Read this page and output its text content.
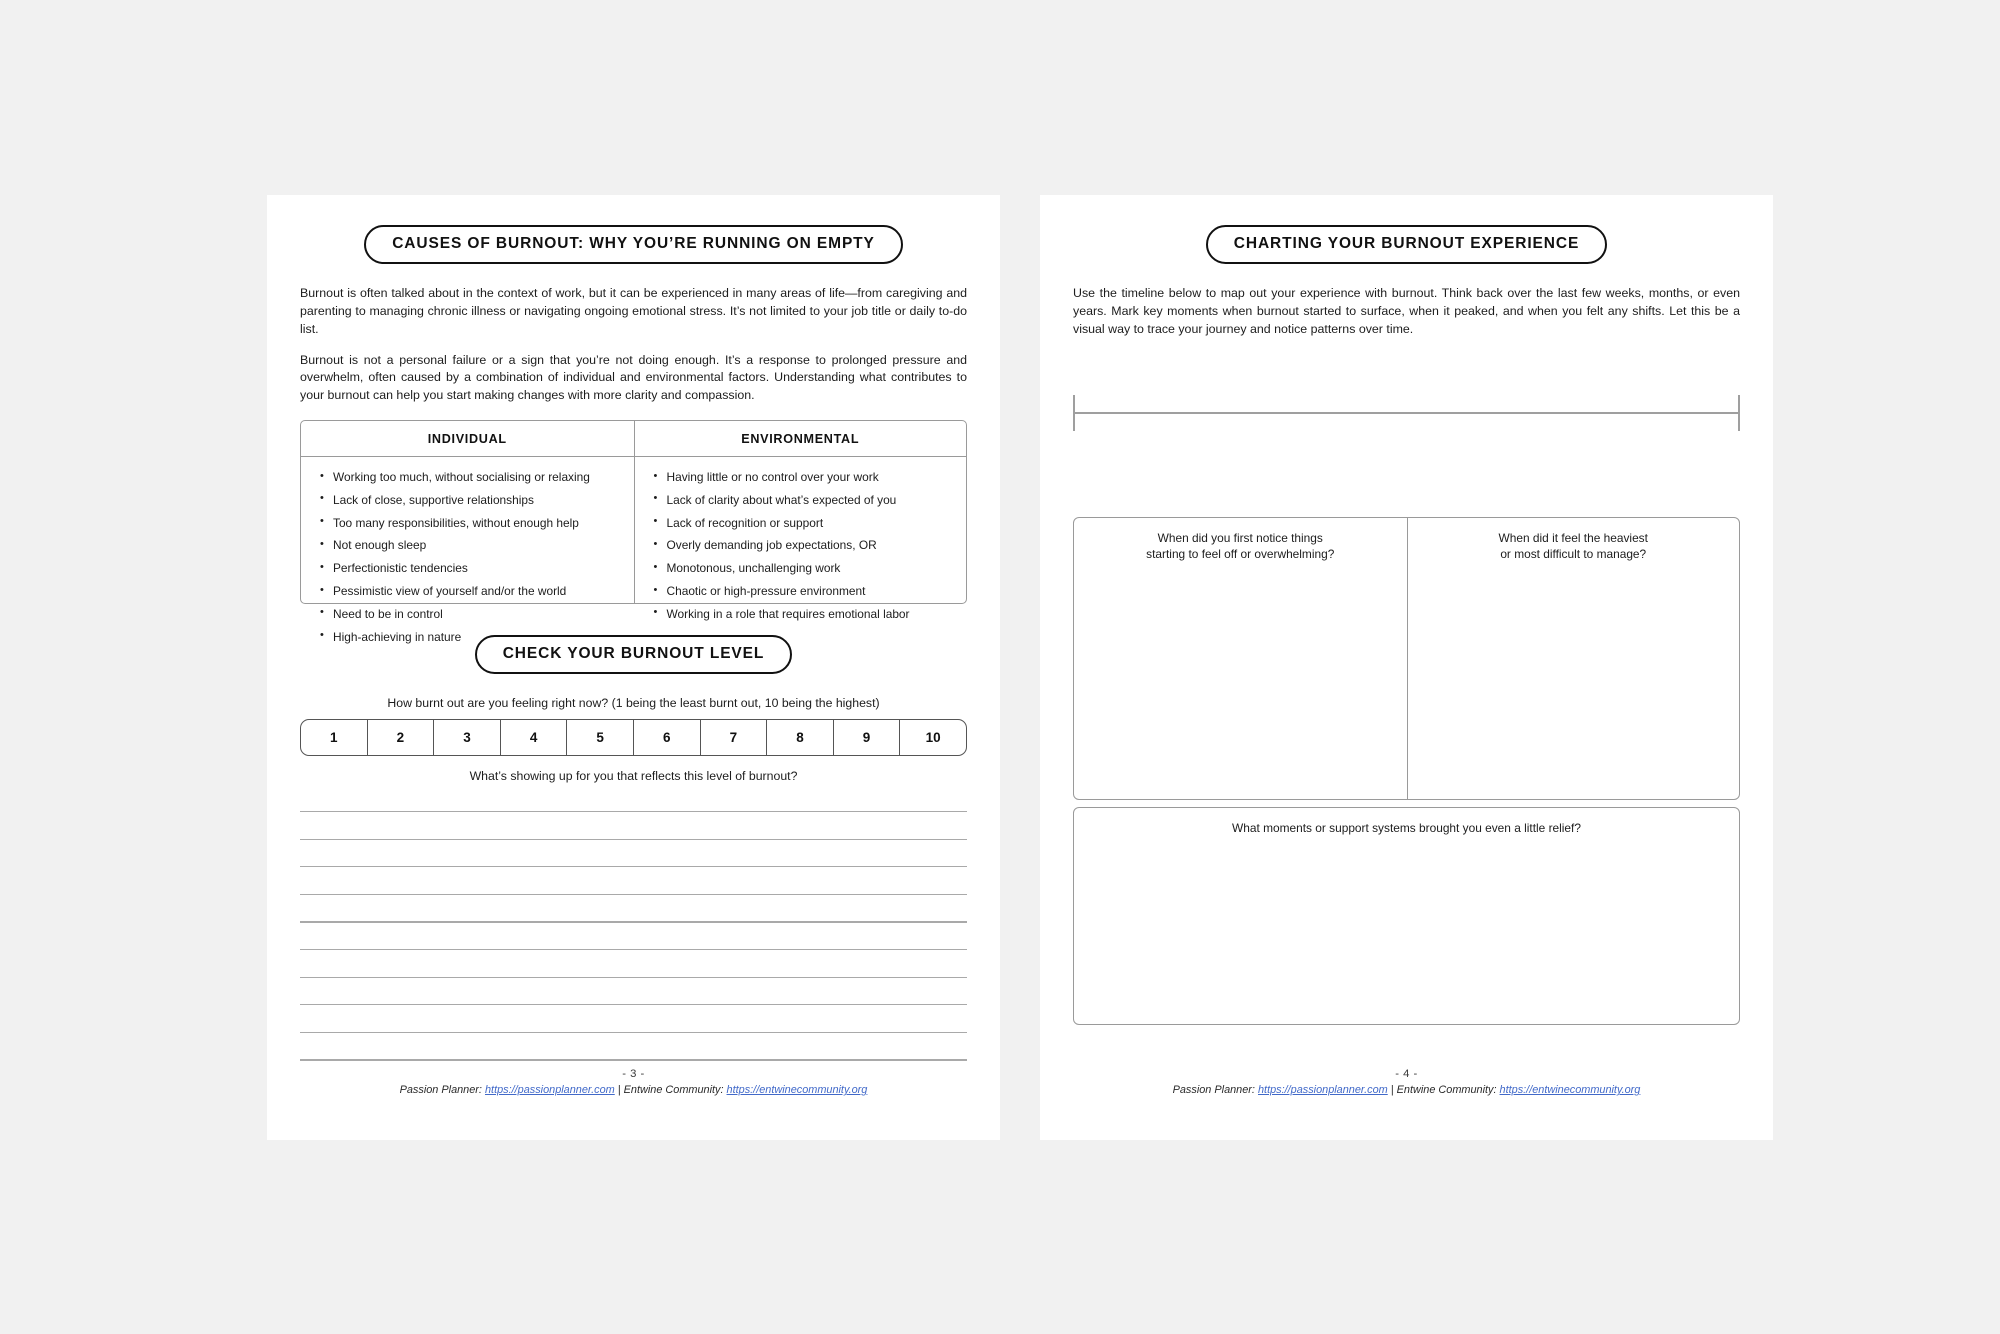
CAUSES OF BURNOUT: WHY YOU’RE RUNNING ON EMPTY
Burnout is often talked about in the context of work, but it can be experienced in many areas of life—from caregiving and parenting to managing chronic illness or navigating ongoing emotional stress. It’s not limited to your job title or daily to-do list.
Burnout is not a personal failure or a sign that you’re not doing enough. It’s a response to prolonged pressure and overwhelm, often caused by a combination of individual and environmental factors. Understanding what contributes to your burnout can help you start making changes with more clarity and compassion.
INDIVIDUAL
• Working too much, without socialising or relaxing
• Lack of close, supportive relationships
• Too many responsibilities, without enough help
• Not enough sleep
• Perfectionistic tendencies
• Pessimistic view of yourself and/or the world
• Need to be in control
• High-achieving in nature
ENVIRONMENTAL
• Having little or no control over your work
• Lack of clarity about what’s expected of you
• Lack of recognition or support
• Overly demanding job expectations, OR
• Monotonous, unchallenging work
• Chaotic or high-pressure environment
• Working in a role that requires emotional labor
CHECK YOUR BURNOUT LEVEL
How burnt out are you feeling right now? (1 being the least burnt out, 10 being the highest)
1	2	3	4	5	6	7	8	9	10
What’s showing up for you that reflects this level of burnout?
- 3 -
Passion Planner: https://passionplanner.com | Entwine Community: https://entwinecommunity.org
CHARTING YOUR BURNOUT EXPERIENCE
Use the timeline below to map out your experience with burnout. Think back over the last few weeks, months, or even years. Mark key moments when burnout started to surface, when it peaked, and when you felt any shifts. Let this be a visual way to trace your journey and notice patterns over time.
When did you first notice things
starting to feel off or overwhelming?
When did it feel the heaviest
or most difficult to manage?
What moments or support systems brought you even a little relief?
- 4 -
Passion Planner: https://passionplanner.com | Entwine Community: https://entwinecommunity.org
